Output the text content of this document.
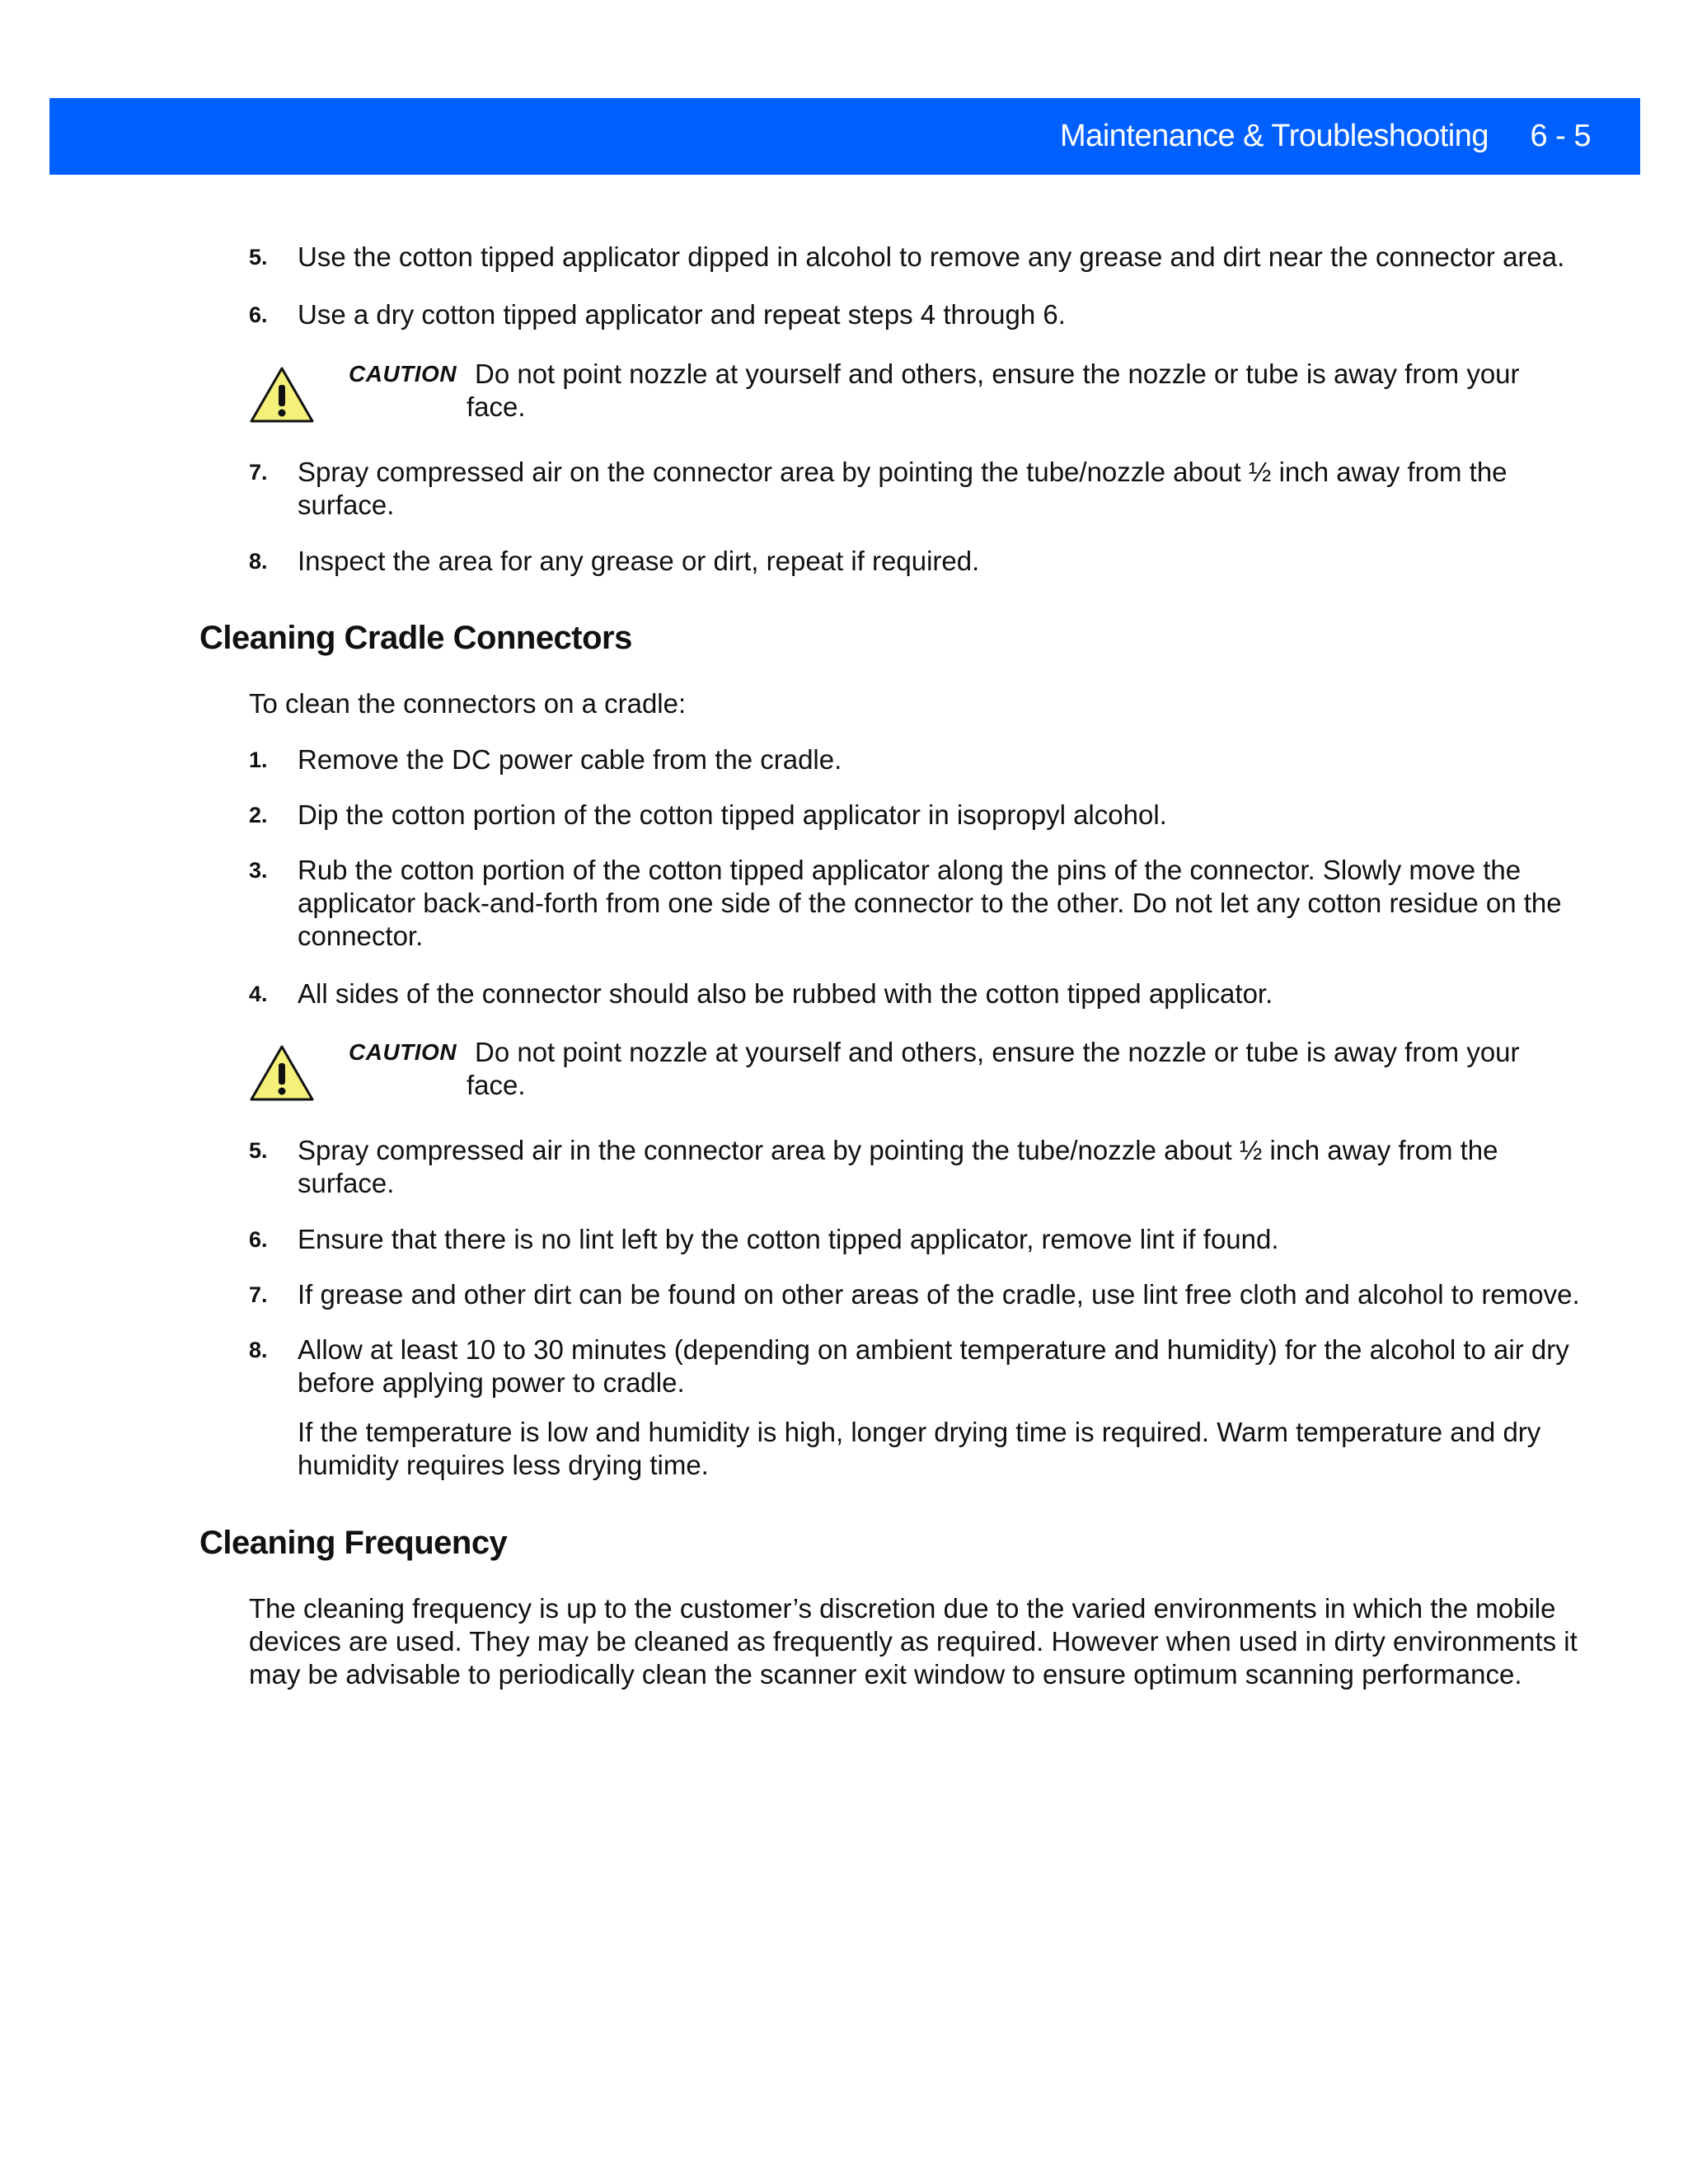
Maintenance & Troubleshooting 6 - 5
5. Use the cotton tipped applicator dipped in alcohol to remove any grease and dirt near the connector area.
6. Use a dry cotton tipped applicator and repeat steps 4 through 6.
CAUTION Do not point nozzle at yourself and others, ensure the nozzle or tube is away from your
face.
7. Spray compressed air on the connector area by pointing the tube/nozzle about ½ inch away from the surface.
8. Inspect the area for any grease or dirt, repeat if required.
Cleaning Cradle Connectors
To clean the connectors on a cradle:
1. Remove the DC power cable from the cradle.
2. Dip the cotton portion of the cotton tipped applicator in isopropyl alcohol.
3. Rub the cotton portion of the cotton tipped applicator along the pins of the connector. Slowly move the applicator back-and-forth from one side of the connector to the other. Do not let any cotton residue on the connector.
4. All sides of the connector should also be rubbed with the cotton tipped applicator.
CAUTION Do not point nozzle at yourself and others, ensure the nozzle or tube is away from your
face.
5. Spray compressed air in the connector area by pointing the tube/nozzle about ½ inch away from the surface.
6. Ensure that there is no lint left by the cotton tipped applicator, remove lint if found.
7. If grease and other dirt can be found on other areas of the cradle, use lint free cloth and alcohol to remove.
8. Allow at least 10 to 30 minutes (depending on ambient temperature and humidity) for the alcohol to air dry before applying power to cradle.
If the temperature is low and humidity is high, longer drying time is required. Warm temperature and dry humidity requires less drying time.
Cleaning Frequency
The cleaning frequency is up to the customer’s discretion due to the varied environments in which the mobile devices are used. They may be cleaned as frequently as required. However when used in dirty environments it may be advisable to periodically clean the scanner exit window to ensure optimum scanning performance.
